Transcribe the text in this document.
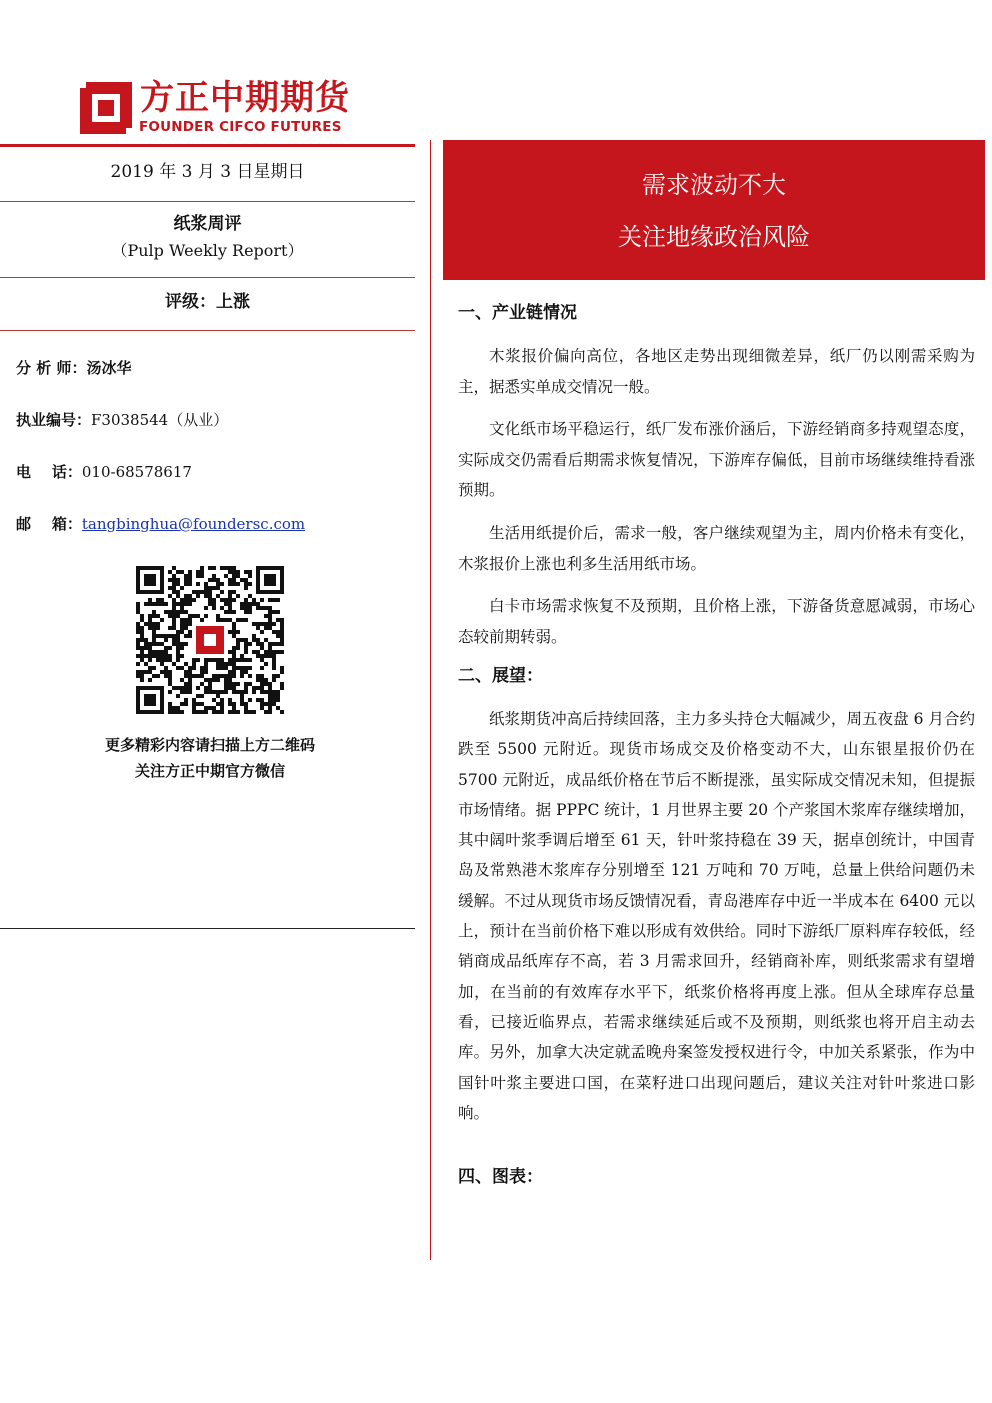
方正中期期货
FOUNDER CIFCO FUTURES
2019 年 3 月 3 日星期日
纸浆周评
（Pulp Weekly Report）
评级：上涨
分 析 师：汤冰华
执业编号：F3038544（从业）
电    话：010-68578617
邮    箱：tangbinghua@foundersc.com
更多精彩内容请扫描上方二维码
关注方正中期官方微信
需求波动不大
关注地缘政治风险
一、产业链情况

木浆报价偏向高位，各地区走势出现细微差异，纸厂仍以刚需采购为主，据悉实单成交情况一般。

文化纸市场平稳运行，纸厂发布涨价涵后，下游经销商多持观望态度，实际成交仍需看后期需求恢复情况，下游库存偏低，目前市场继续维持看涨预期。

生活用纸提价后，需求一般，客户继续观望为主，周内价格未有变化，木浆报价上涨也利多生活用纸市场。

白卡市场需求恢复不及预期，且价格上涨，下游备货意愿减弱，市场心态较前期转弱。

二、展望：

纸浆期货冲高后持续回落，主力多头持仓大幅减少，周五夜盘 6 月合约跌至 5500 元附近。现货市场成交及价格变动不大，山东银星报价仍在 5700 元附近，成品纸价格在节后不断提涨，虽实际成交情况未知，但提振市场情绪。据 PPPC 统计，1 月世界主要 20 个产浆国木浆库存继续增加，其中阔叶浆季调后增至 61 天，针叶浆持稳在 39 天，据卓创统计，中国青岛及常熟港木浆库存分别增至 121 万吨和 70 万吨，总量上供给问题仍未缓解。不过从现货市场反馈情况看，青岛港库存中近一半成本在 6400 元以上，预计在当前价格下难以形成有效供给。同时下游纸厂原料库存较低，经销商成品纸库存不高，若 3 月需求回升，经销商补库，则纸浆需求有望增加，在当前的有效库存水平下，纸浆价格将再度上涨。但从全球库存总量看，已接近临界点，若需求继续延后或不及预期，则纸浆也将开启主动去库。另外，加拿大决定就孟晚舟案签发授权进行令，中加关系紧张，作为中国针叶浆主要进口国，在菜籽进口出现问题后，建议关注对针叶浆进口影响。

四、图表：
